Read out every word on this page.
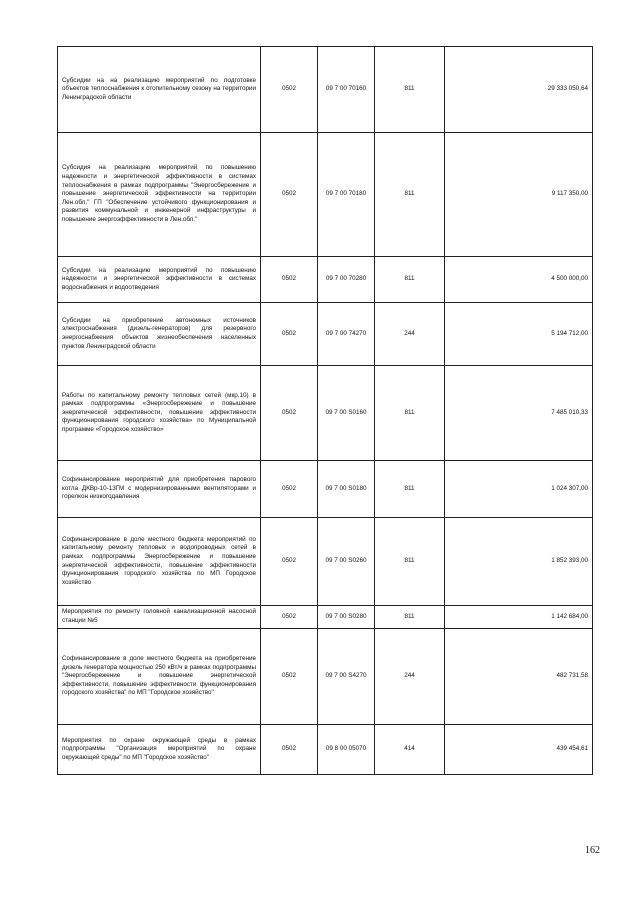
Субсидии на на реализацию мероприятий по подготовке объектов теплоснабжения к отопительному сезону на территории Ленинградской области	0502	09 7 00 70160	811	29 333 050,64
Субсидия на реализацию мероприятий по повышению надежности и энергетической эффективности в системах теплоснабжения в рамках подпрограммы "Энергосбережение и повышение энергетической эффективности на территории Лен.обл." ГП "Обеспечение устойчивого функционирования и развития коммунальной и инженерной инфраструктуры и повышение энергоэффективности в Лен.обл."	0502	09 7 00 70180	811	9 117 350,00
Субсидии на реализацию мероприятий по повышению надежности и энергетической эффективности в системах водоснабжения и водоотведения	0502	09 7 00 70280	811	4 500 000,00
Субсидии на приобретение автономных источников электроснабжения (дизель-генераторов) для резервного энергоснабжения объектов жизнеобеспечения населенных пунктов Ленинградской области	0502	09 7 00 74270	244	5 194 712,00
Работы по капитальному ремонту тепловых сетей (мкр.10) в рамках подпрограммы «Энергосбережение и повышение энергетической эффективности, повышение эффективности функционирования городского хозяйства» по Муниципальной программе «Городское хозяйство»	0502	09 7 00 S0160	811	7 485 010,33
Софинансирование мероприятий для приобретения парового котла ДКВр-10-13ГМ с модернизированными вентиляторами и горелкон низкогодавления	0502	09 7 00 S0180	811	1 024 307,00
Софинансирование в доле местного бюджета мероприятий по капитальному ремонту тепловых и водопроводных сетей в рамках подпрограммы Энергосбережение и повышение энергетической эффективности, повышение эффективности функционирования городского хозяйства по МП Городское хозяйство	0502	09 7 00 S0260	811	1 852 393,00
Мероприятия по ремонту головной канализационной насосной станции №5	0502	09 7 00 S0280	811	1 142 684,00
Софинансирование в доле местного бюджета на приобретение дизель генератора мощностью 250 кВт/ч в рамках подпрограммы "Энергосбережение и повышение энергетической эффективности, повышение эффективности функционирования городского хозяйства" по МП "Городское хозяйство"	0502	09 7 00 S4270	244	482 731,58
Мероприятия по охране окружающей среды в рамках подпрограммы "Организация мероприятий по охране окружающей среды" по МП "Городское хозяйство"	0502	09 8 00 05070	414	439 454,61
162
